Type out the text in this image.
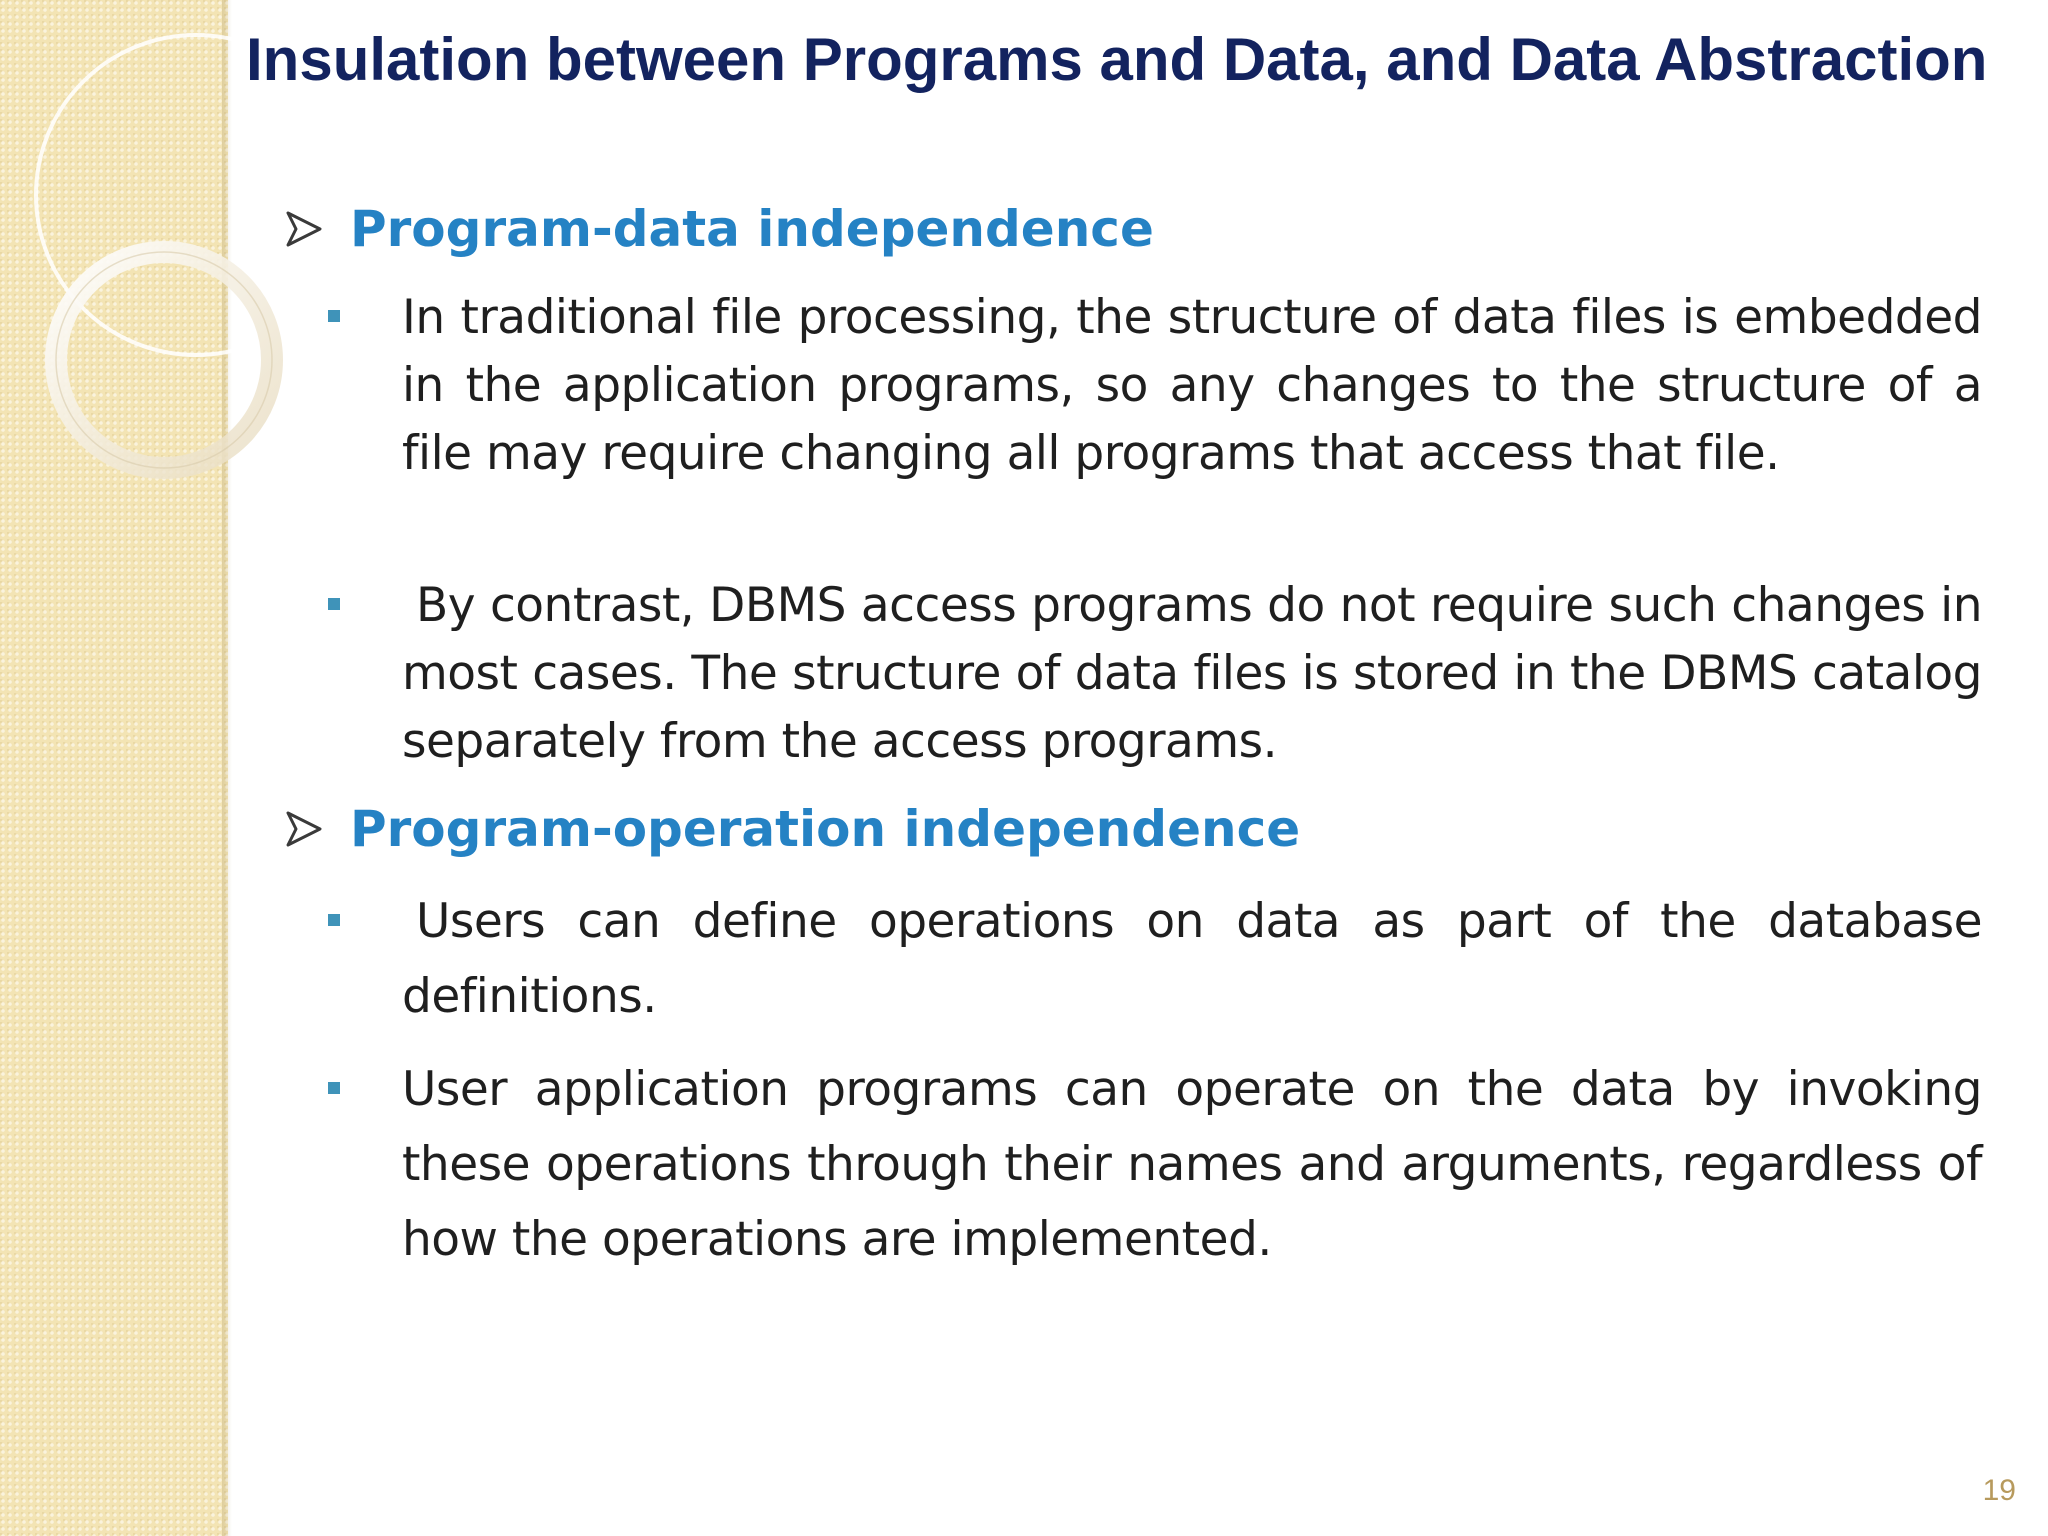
Insulation between Programs and Data, and Data Abstraction
Program-data independence

In traditional file processing, the structure of data files is embedded in the application programs, so any changes to the structure of a file may require changing all programs that access that file.

By contrast, DBMS access programs do not require such changes in most cases. The structure of data files is stored in the DBMS catalog separately from the access programs.

Program-operation independence

Users can define operations on data as part of the database definitions.

User application programs can operate on the data by invoking these operations through their names and arguments, regardless of how the operations are implemented.

19
